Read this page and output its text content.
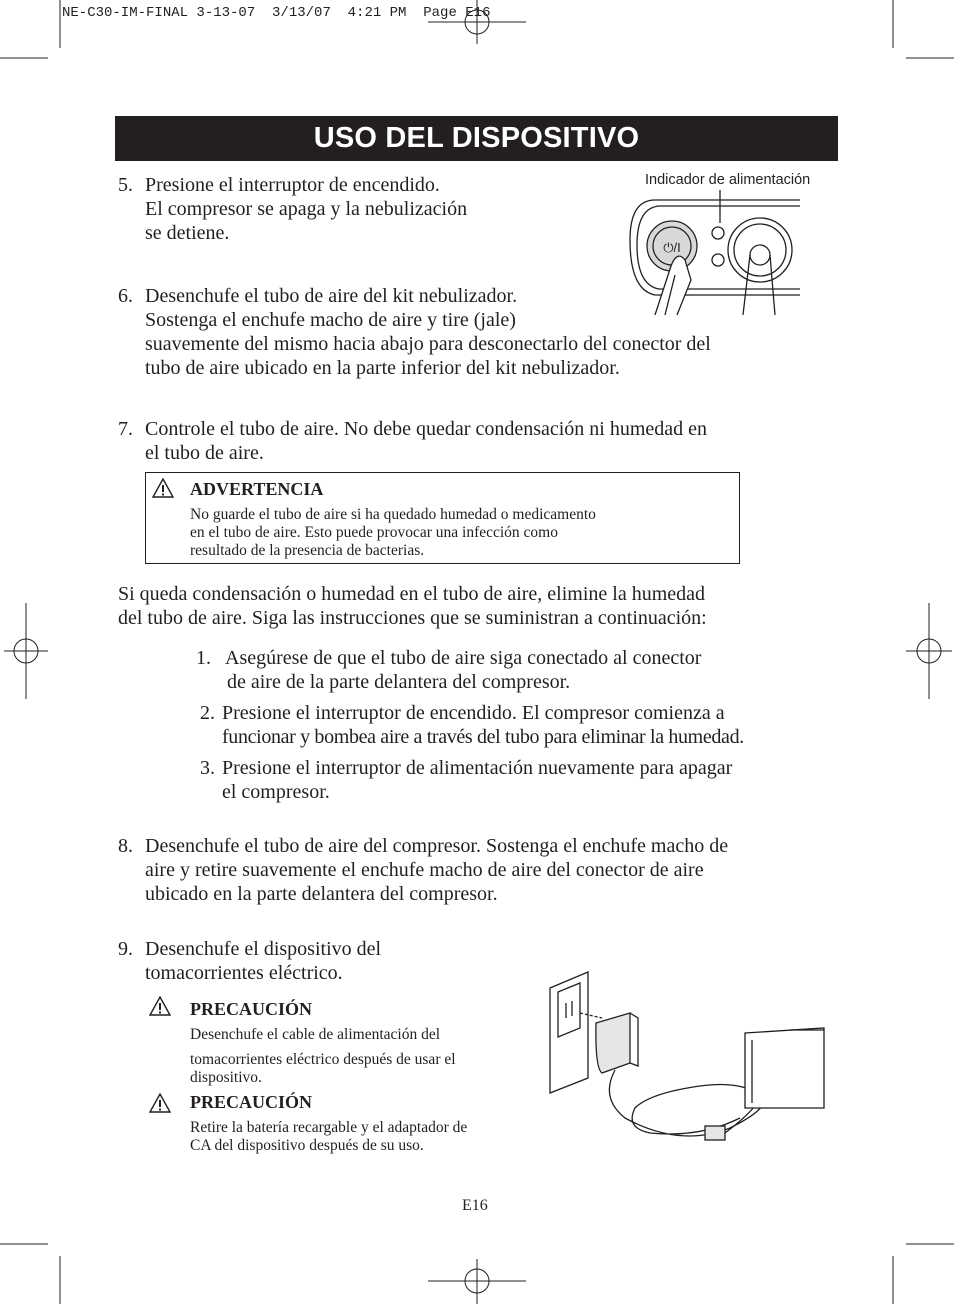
NE-C30-IM-FINAL 3-13-07  3/13/07  4:21 PM  Page E16
USO DEL DISPOSITIVO
5. Presione el interruptor de encendido.
El compresor se apaga y la nebulización
se detiene.
Indicador de alimentación
⏻/I
6. Desenchufe el tubo de aire del kit nebulizador.
Sostenga el enchufe macho de aire y tire (jale)
suavemente del mismo hacia abajo para desconectarlo del conector del
tubo de aire ubicado en la parte inferior del kit nebulizador.
7. Controle el tubo de aire. No debe quedar condensación ni humedad en
el tubo de aire.
ADVERTENCIA
No guarde el tubo de aire si ha quedado humedad o medicamento
en el tubo de aire. Esto puede provocar una infección como
resultado de la presencia de bacterias.
Si queda condensación o humedad en el tubo de aire, elimine la humedad
del tubo de aire. Siga las instrucciones que se suministran a continuación:
1. Asegúrese de que el tubo de aire siga conectado al conector
de aire de la parte delantera del compresor.
2. Presione el interruptor de encendido. El compresor comienza a
funcionar y bombea aire a través del tubo para eliminar la humedad.
3. Presione el interruptor de alimentación nuevamente para apagar
el compresor.
8. Desenchufe el tubo de aire del compresor. Sostenga el enchufe macho de
aire y retire suavemente el enchufe macho de aire del conector de aire
ubicado en la parte delantera del compresor.
9. Desenchufe el dispositivo del
tomacorrientes eléctrico.
PRECAUCIÓN
Desenchufe el cable de alimentación del
tomacorrientes eléctrico después de usar el
dispositivo.
PRECAUCIÓN
Retire la batería recargable y el adaptador de
CA del dispositivo después de su uso.
E16
